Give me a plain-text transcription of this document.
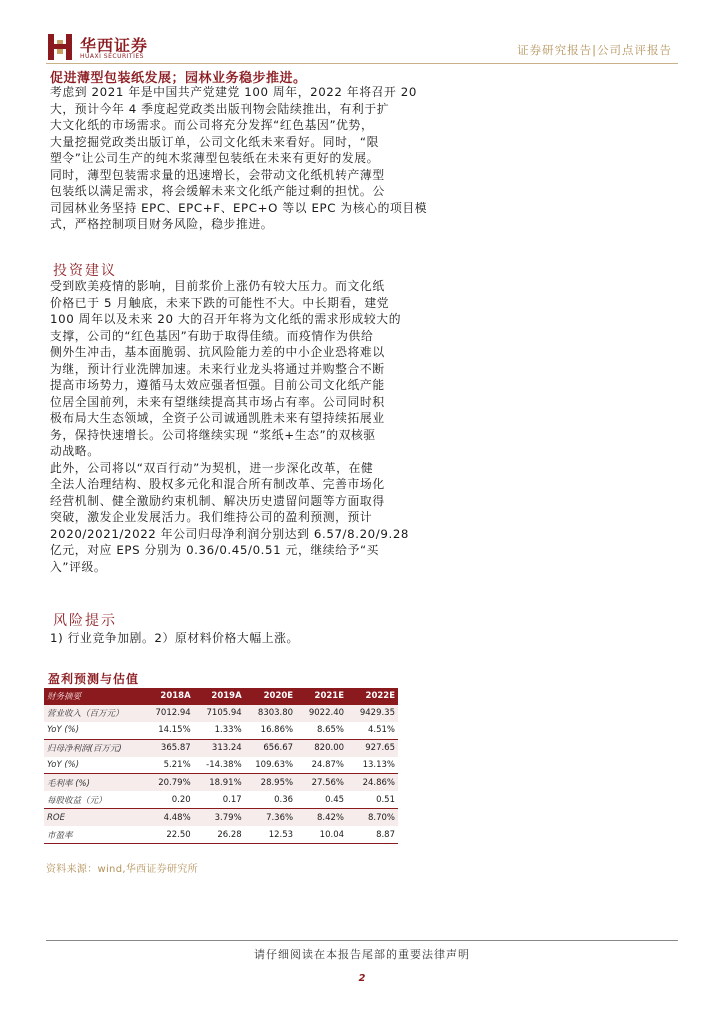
华西证券
HUAXI SECURITIES	证券研究报告|公司点评报告
促进薄型包装纸发展；园林业务稳步推进。
考虑到 2021 年是中国共产党建党 100 周年，2022 年将召开 20
大，预计今年 4 季度起党政类出版刊物会陆续推出，有利于扩
大文化纸的市场需求。而公司将充分发挥“红色基因”优势，
大量挖掘党政类出版订单，公司文化纸未来看好。同时，“限
塑令”让公司生产的纯木浆薄型包装纸在未来有更好的发展。
同时，薄型包装需求量的迅速增长，会带动文化纸机转产薄型
包装纸以满足需求，将会缓解未来文化纸产能过剩的担忧。公
司园林业务坚持 EPC、EPC+F、EPC+O 等以 EPC 为核心的项目模
式，严格控制项目财务风险，稳步推进。
投资建议
受到欧美疫情的影响，目前浆价上涨仍有较大压力。而文化纸
价格已于 5 月触底，未来下跌的可能性不大。中长期看，建党
100 周年以及未来 20 大的召开年将为文化纸的需求形成较大的
支撑，公司的“红色基因”有助于取得佳绩。而疫情作为供给
侧外生冲击，基本面脆弱、抗风险能力差的中小企业恐将难以
为继，预计行业洗牌加速。未来行业龙头将通过并购整合不断
提高市场势力，遵循马太效应强者恒强。目前公司文化纸产能
位居全国前列，未来有望继续提高其市场占有率。公司同时积
极布局大生态领域，全资子公司诚通凯胜未来有望持续拓展业
务，保持快速增长。公司将继续实现 “浆纸+生态”的双核驱
动战略。
此外，公司将以“双百行动”为契机，进一步深化改革，在健
全法人治理结构、股权多元化和混合所有制改革、完善市场化
经营机制、健全激励约束机制、解决历史遗留问题等方面取得
突破，激发企业发展活力。我们维持公司的盈利预测，预计
2020/2021/2022 年公司归母净利润分别达到 6.57/8.20/9.28
亿元，对应 EPS 分别为 0.36/0.45/0.51 元，继续给予“买
入”评级。
风险提示
1) 行业竞争加剧。2）原材料价格大幅上涨。
盈利预测与估值
财务摘要	2018A	2019A	2020E	2021E	2022E
营业收入（百万元）	7012.94	7105.94	8303.80	9022.40	9429.35
YoY (%)	14.15%	1.33%	16.86%	8.65%	4.51%
归母净利润(百万元)	365.87	313.24	656.67	820.00	927.65
YoY (%)	5.21%	-14.38%	109.63%	24.87%	13.13%
毛利率 (%)	20.79%	18.91%	28.95%	27.56%	24.86%
每股收益（元）	0.20	0.17	0.36	0.45	0.51
ROE	4.48%	3.79%	7.36%	8.42%	8.70%
市盈率	22.50	26.28	12.53	10.04	8.87
资料来源：wind,华西证券研究所
请仔细阅读在本报告尾部的重要法律声明
2
